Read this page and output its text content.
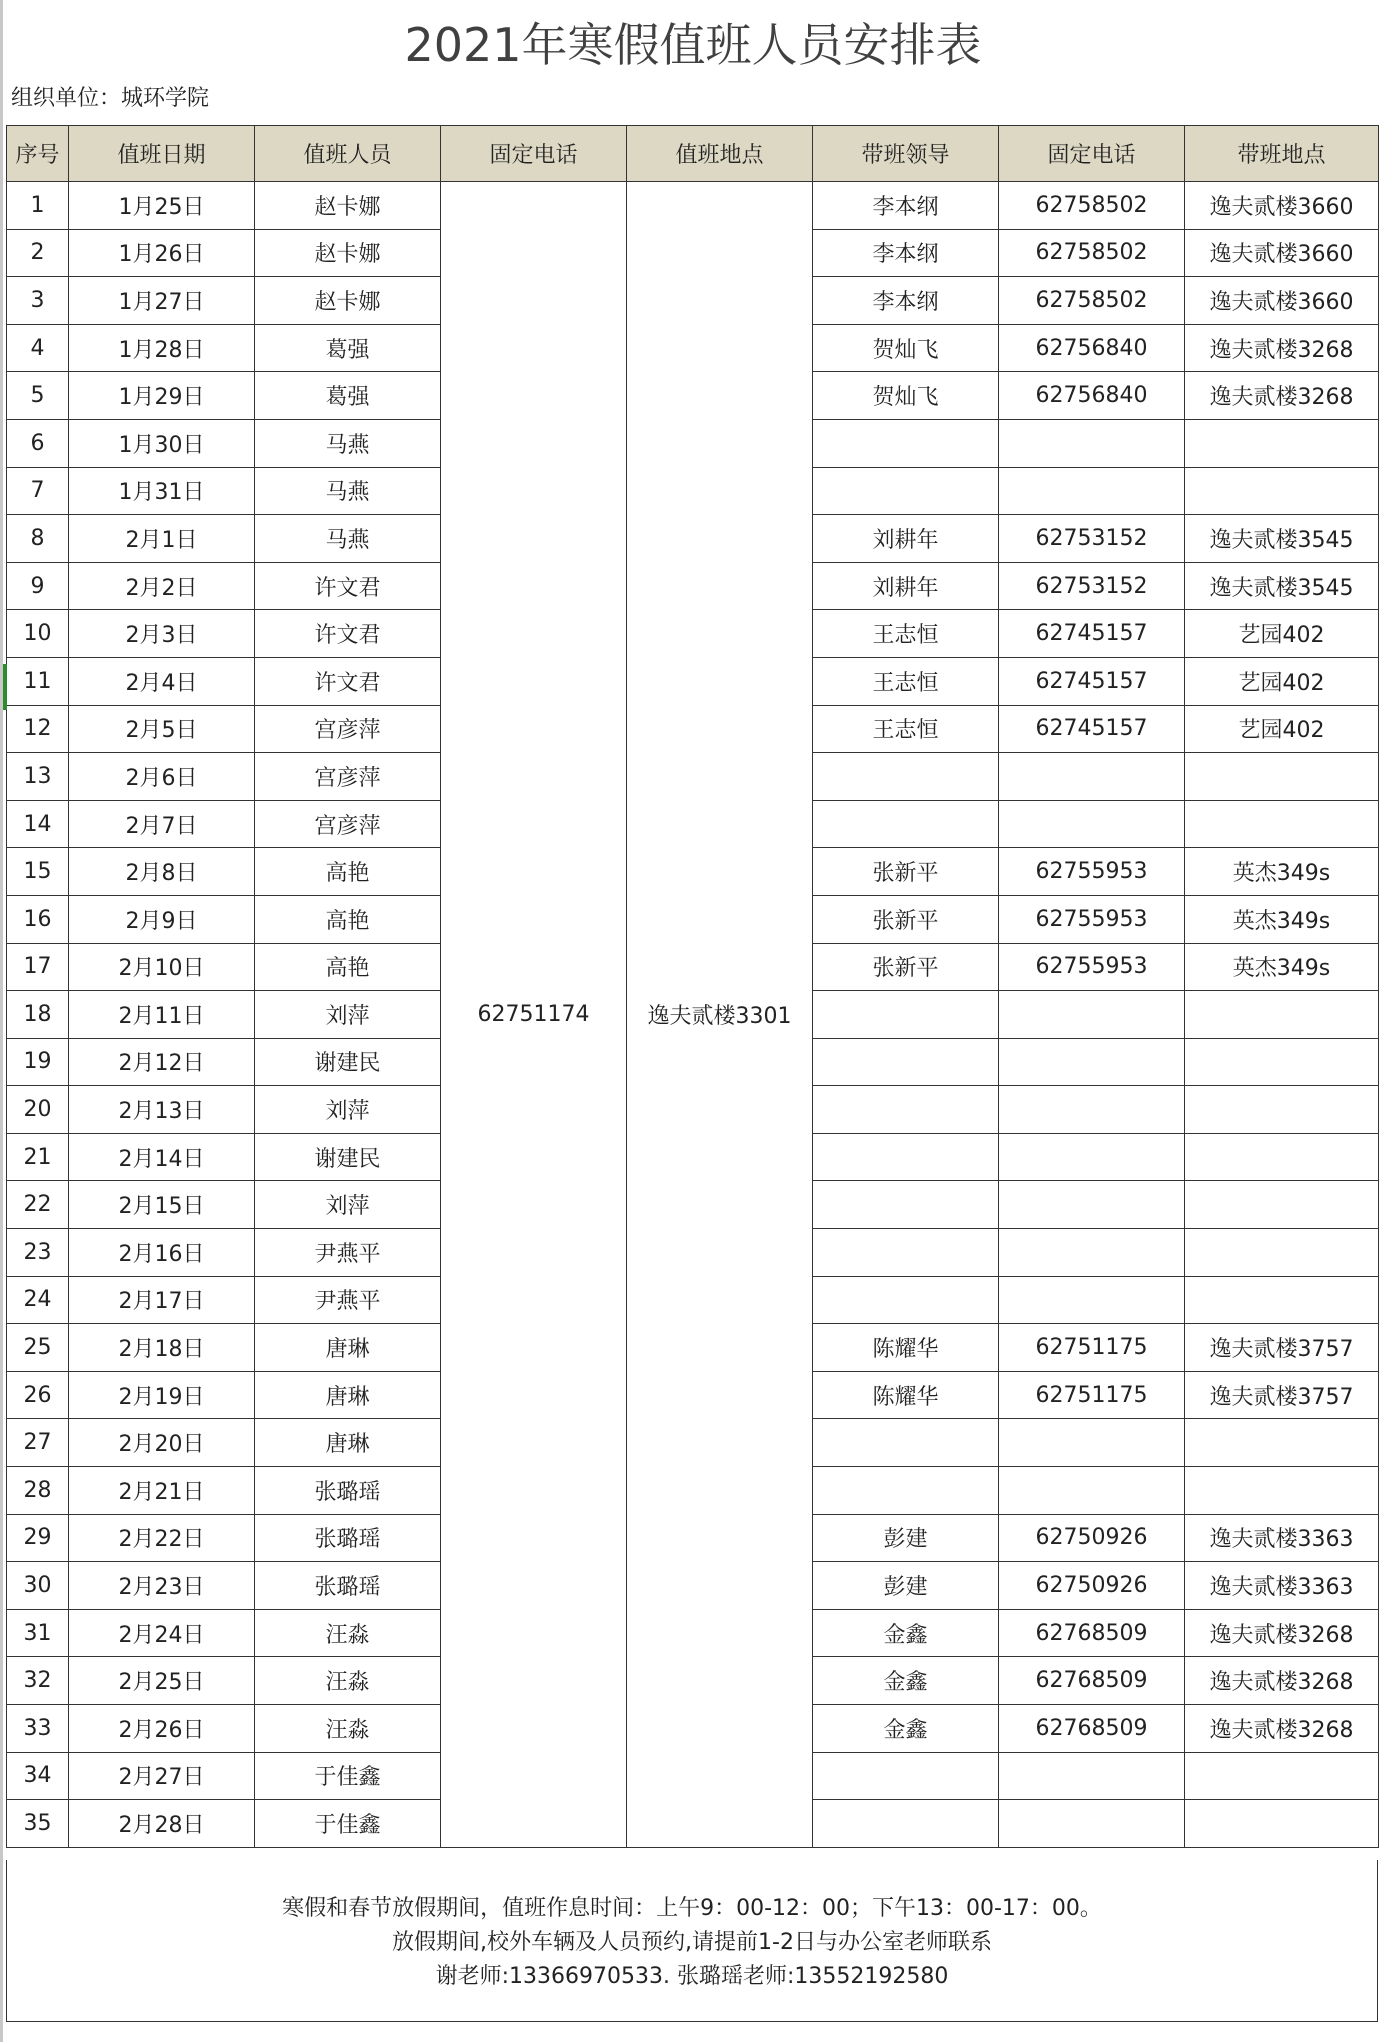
2021年寒假值班人员安排表
组织单位：城环学院
序号	值班日期	值班人员	固定电话	值班地点	带班领导	固定电话	带班地点
1	1月25日	赵卡娜	62751174	逸夫贰楼3301	李本纲	62758502	逸夫贰楼3660
2	1月26日	赵卡娜			李本纲	62758502	逸夫贰楼3660
3	1月27日	赵卡娜			李本纲	62758502	逸夫贰楼3660
4	1月28日	葛强			贺灿飞	62756840	逸夫贰楼3268
5	1月29日	葛强			贺灿飞	62756840	逸夫贰楼3268
6	1月30日	马燕					
7	1月31日	马燕					
8	2月1日	马燕			刘耕年	62753152	逸夫贰楼3545
9	2月2日	许文君			刘耕年	62753152	逸夫贰楼3545
10	2月3日	许文君			王志恒	62745157	艺园402
11	2月4日	许文君			王志恒	62745157	艺园402
12	2月5日	宫彦萍			王志恒	62745157	艺园402
13	2月6日	宫彦萍					
14	2月7日	宫彦萍					
15	2月8日	高艳			张新平	62755953	英杰349s
16	2月9日	高艳			张新平	62755953	英杰349s
17	2月10日	高艳			张新平	62755953	英杰349s
18	2月11日	刘萍					
19	2月12日	谢建民					
20	2月13日	刘萍					
21	2月14日	谢建民					
22	2月15日	刘萍					
23	2月16日	尹燕平					
24	2月17日	尹燕平					
25	2月18日	唐琳			陈耀华	62751175	逸夫贰楼3757
26	2月19日	唐琳			陈耀华	62751175	逸夫贰楼3757
27	2月20日	唐琳					
28	2月21日	张璐瑶					
29	2月22日	张璐瑶			彭建	62750926	逸夫贰楼3363
30	2月23日	张璐瑶			彭建	62750926	逸夫贰楼3363
31	2月24日	汪淼			金鑫	62768509	逸夫贰楼3268
32	2月25日	汪淼			金鑫	62768509	逸夫贰楼3268
33	2月26日	汪淼			金鑫	62768509	逸夫贰楼3268
34	2月27日	于佳鑫					
35	2月28日	于佳鑫					
寒假和春节放假期间，值班作息时间：上午9：00-12：00；下午13：00-17：00。
放假期间,校外车辆及人员预约,请提前1-2日与办公室老师联系
谢老师:13366970533. 张璐瑶老师:13552192580
